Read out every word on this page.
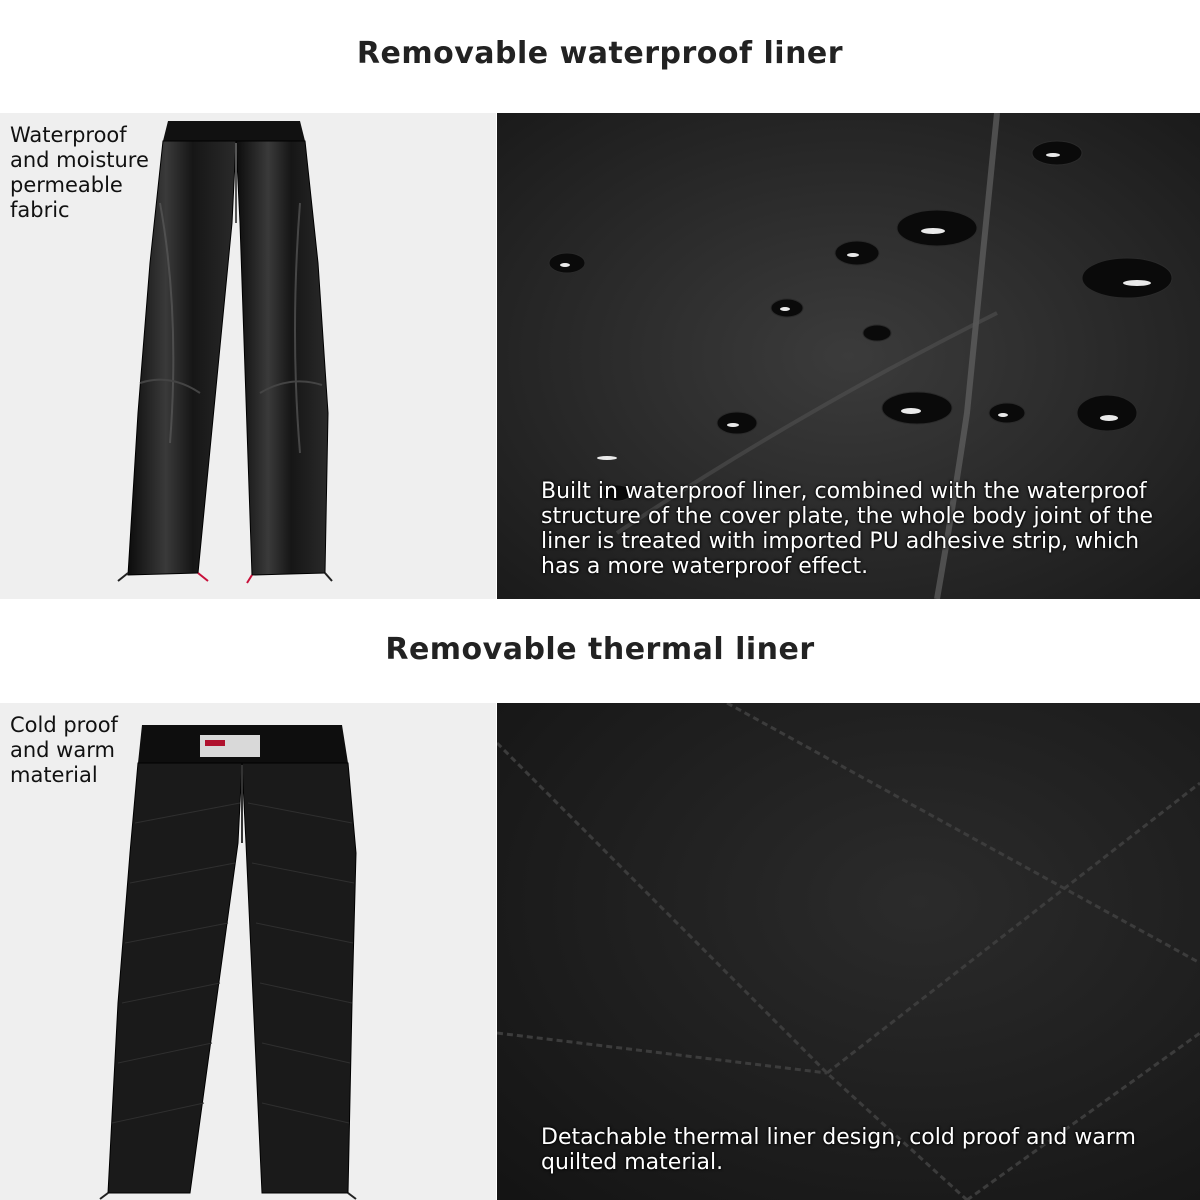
Removable waterproof liner
Waterproof
and moisture
permeable
fabric
Built in waterproof liner, combined with the waterproof structure of the cover plate, the whole body joint of the liner is treated with imported PU adhesive strip, which has a more waterproof effect.
Removable thermal liner
Cold proof
and warm
material
Detachable thermal liner design, cold proof and warm quilted material.
